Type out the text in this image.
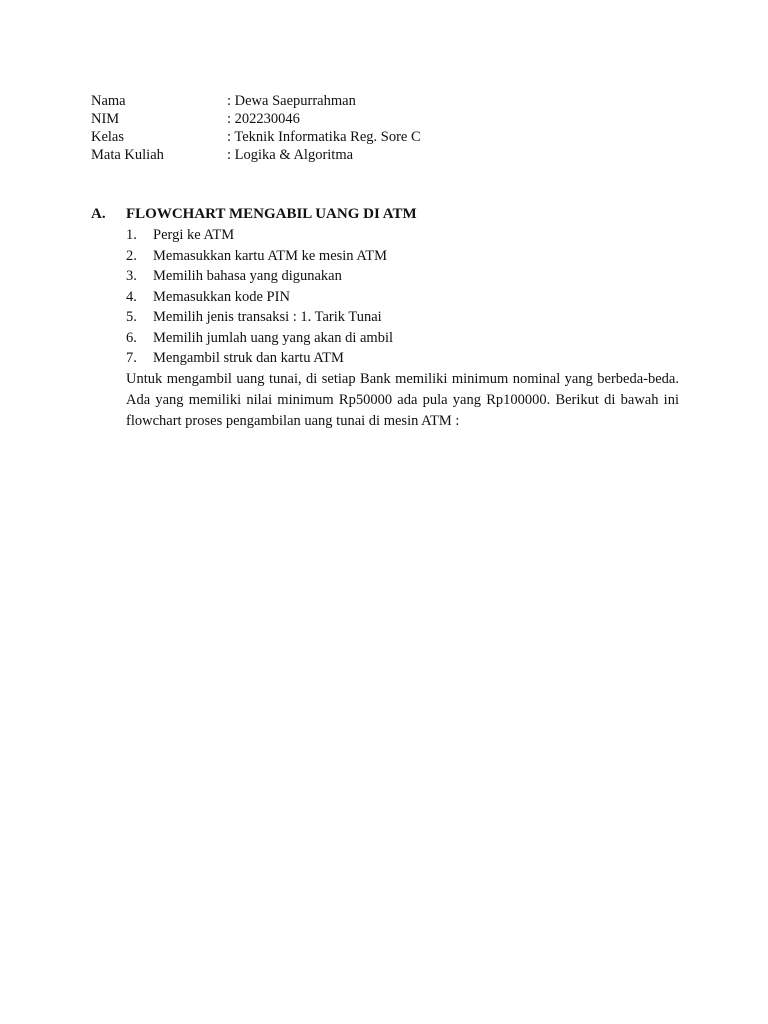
Nama	: Dewa Saepurrahman
NIM	: 202230046
Kelas	: Teknik Informatika Reg. Sore C
Mata Kuliah	: Logika & Algoritma
A.	FLOWCHART MENGABIL UANG DI ATM
1.	Pergi ke ATM
2.	Memasukkan kartu ATM ke mesin ATM
3.	Memilih bahasa yang digunakan
4.	Memasukkan kode PIN
5.	Memilih jenis transaksi : 1. Tarik Tunai
6.	Memilih jumlah uang yang akan di ambil
7.	Mengambil struk dan kartu ATM

Untuk mengambil uang tunai, di setiap Bank memiliki minimum nominal yang berbeda-beda. Ada yang memiliki nilai minimum Rp50000 ada pula yang Rp100000. Berikut di bawah ini flowchart proses pengambilan uang tunai di mesin ATM :
